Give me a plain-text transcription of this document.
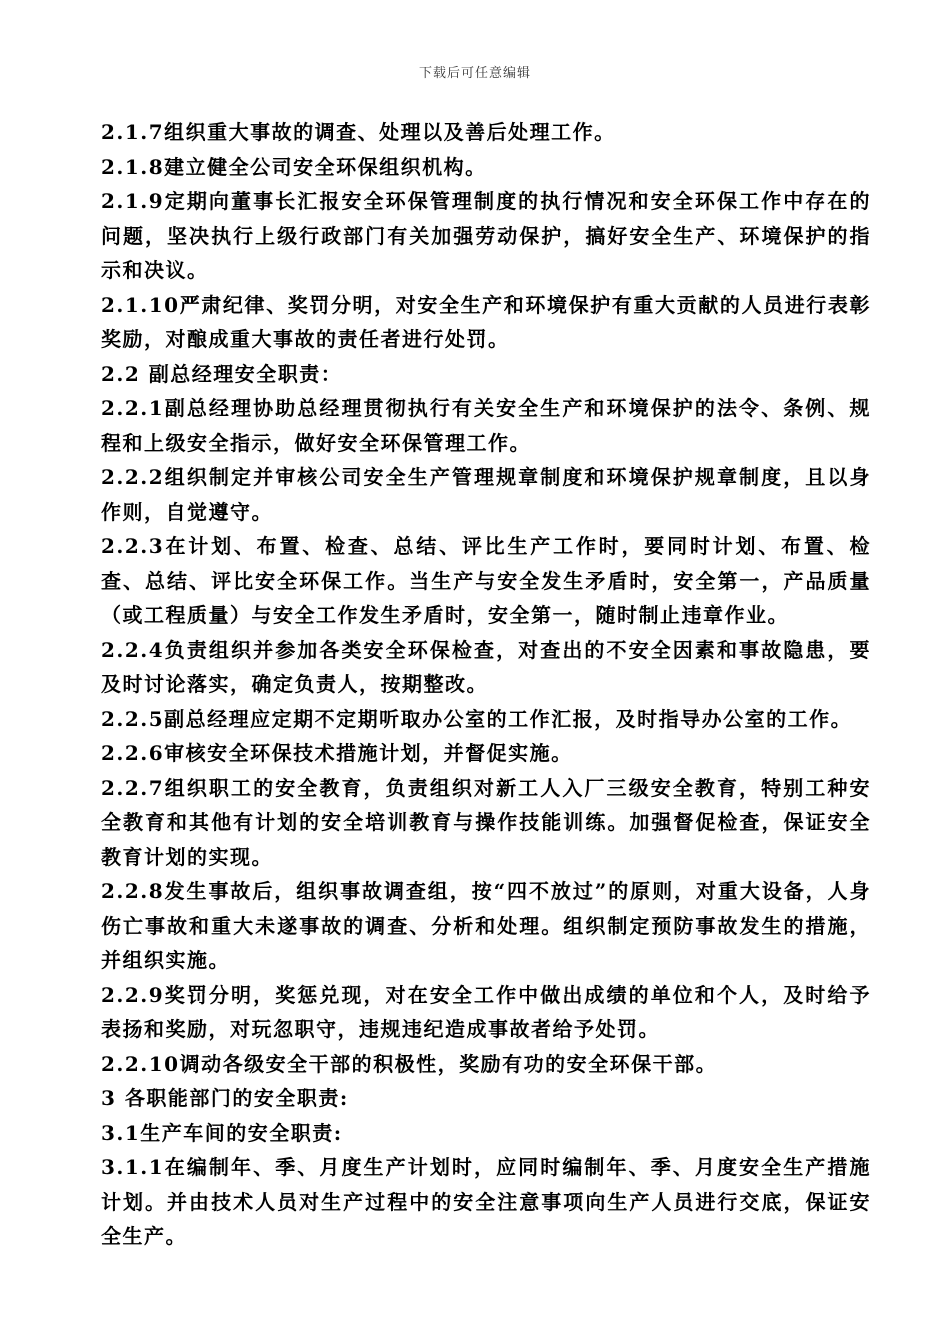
下载后可任意编辑

2.1.7组织重大事故的调查、处理以及善后处理工作。

2.1.8建立健全公司安全环保组织机构。

2.1.9定期向董事长汇报安全环保管理制度的执行情况和安全环保工作中存在的问题，坚决执行上级行政部门有关加强劳动保护，搞好安全生产、环境保护的指示和决议。

2.1.10严肃纪律、奖罚分明，对安全生产和环境保护有重大贡献的人员进行表彰奖励，对酿成重大事故的责任者进行处罚。

2.2 副总经理安全职责：

2.2.1副总经理协助总经理贯彻执行有关安全生产和环境保护的法令、条例、规程和上级安全指示，做好安全环保管理工作。

2.2.2组织制定并审核公司安全生产管理规章制度和环境保护规章制度，且以身作则，自觉遵守。

2.2.3在计划、布置、检查、总结、评比生产工作时，要同时计划、布置、检查、总结、评比安全环保工作。当生产与安全发生矛盾时，安全第一，产品质量（或工程质量）与安全工作发生矛盾时，安全第一，随时制止违章作业。

2.2.4负责组织并参加各类安全环保检查，对查出的不安全因素和事故隐患，要及时讨论落实，确定负责人，按期整改。

2.2.5副总经理应定期不定期听取办公室的工作汇报，及时指导办公室的工作。

2.2.6审核安全环保技术措施计划，并督促实施。

2.2.7组织职工的安全教育，负责组织对新工人入厂三级安全教育，特别工种安全教育和其他有计划的安全培训教育与操作技能训练。加强督促检查，保证安全教育计划的实现。

2.2.8发生事故后，组织事故调查组，按“四不放过”的原则，对重大设备，人身伤亡事故和重大未遂事故的调查、分析和处理。组织制定预防事故发生的措施，并组织实施。

2.2.9奖罚分明，奖惩兑现，对在安全工作中做出成绩的单位和个人，及时给予表扬和奖励，对玩忽职守，违规违纪造成事故者给予处罚。

2.2.10调动各级安全干部的积极性，奖励有功的安全环保干部。

3 各职能部门的安全职责:

3.1生产车间的安全职责:

3.1.1在编制年、季、月度生产计划时，应同时编制年、季、月度安全生产措施计划。并由技术人员对生产过程中的安全注意事项向生产人员进行交底，保证安全生产。
